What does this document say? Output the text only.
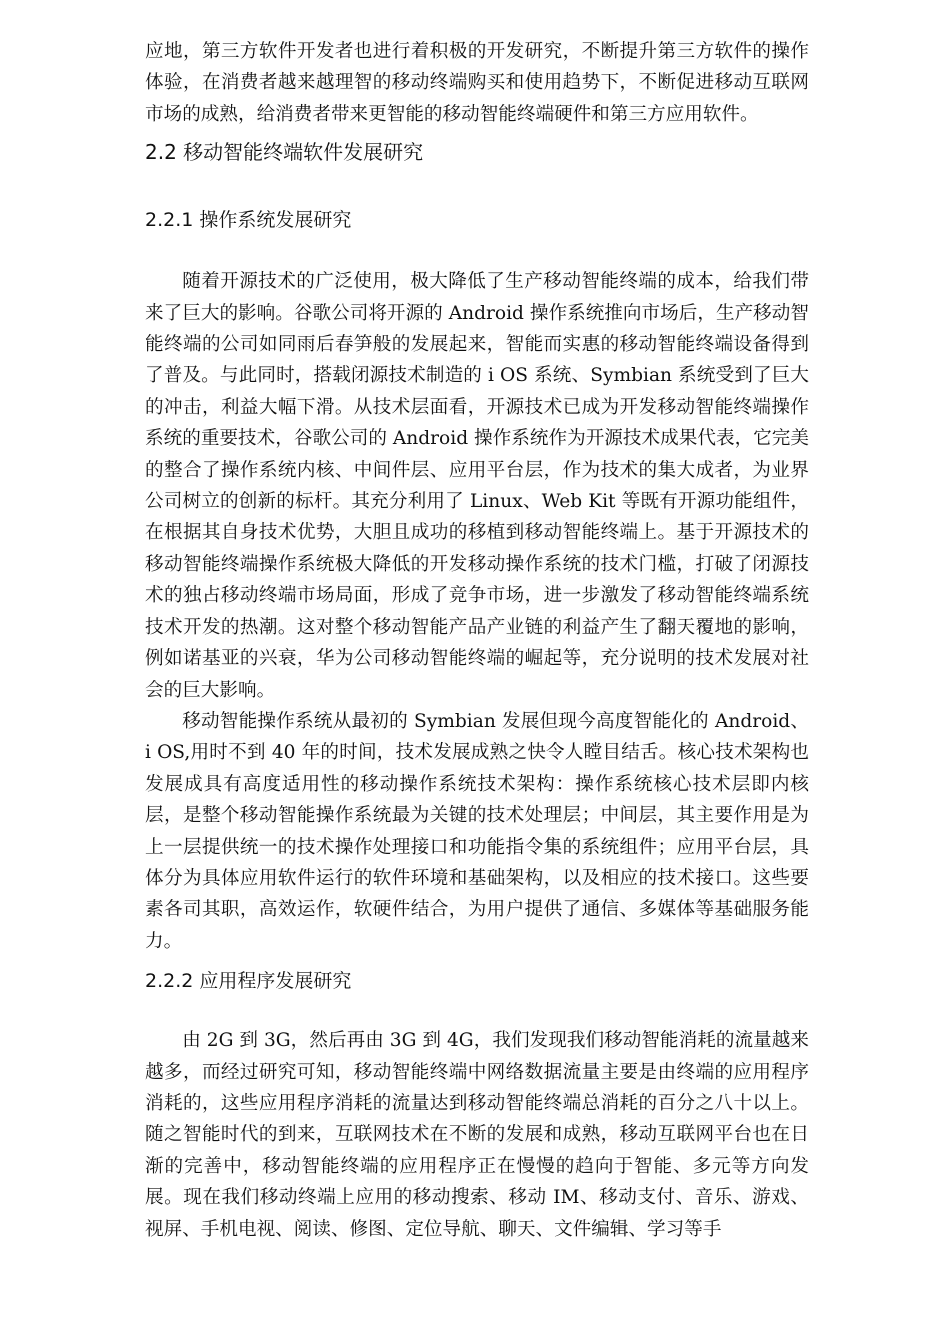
应地，第三方软件开发者也进行着积极的开发研究，不断提升第三方软件的操作体验，在消费者越来越理智的移动终端购买和使用趋势下，不断促进移动互联网市场的成熟，给消费者带来更智能的移动智能终端硬件和第三方应用软件。

2.2 移动智能终端软件发展研究
2.2.1 操作系统发展研究

随着开源技术的广泛使用，极大降低了生产移动智能终端的成本，给我们带来了巨大的影响。谷歌公司将开源的 Android 操作系统推向市场后，生产移动智能终端的公司如同雨后春笋般的发展起来，智能而实惠的移动智能终端设备得到了普及。与此同时，搭载闭源技术制造的 i OS 系统、Symbian 系统受到了巨大的冲击，利益大幅下滑。从技术层面看，开源技术已成为开发移动智能终端操作系统的重要技术，谷歌公司的 Android 操作系统作为开源技术成果代表，它完美的整合了操作系统内核、中间件层、应用平台层，作为技术的集大成者，为业界公司树立的创新的标杆。其充分利用了 Linux、Web Kit 等既有开源功能组件，在根据其自身技术优势，大胆且成功的移植到移动智能终端上。基于开源技术的移动智能终端操作系统极大降低的开发移动操作系统的技术门槛，打破了闭源技术的独占移动终端市场局面，形成了竞争市场，进一步激发了移动智能终端系统技术开发的热潮。这对整个移动智能产品产业链的利益产生了翻天覆地的影响，例如诺基亚的兴衰，华为公司移动智能终端的崛起等，充分说明的技术发展对社会的巨大影响。

移动智能操作系统从最初的 Symbian 发展但现今高度智能化的 Android、i OS,用时不到 40 年的时间，技术发展成熟之快令人瞠目结舌。核心技术架构也发展成具有高度适用性的移动操作系统技术架构：操作系统核心技术层即内核层，是整个移动智能操作系统最为关键的技术处理层；中间层，其主要作用是为上一层提供统一的技术操作处理接口和功能指令集的系统组件；应用平台层，具体分为具体应用软件运行的软件环境和基础架构，以及相应的技术接口。这些要素各司其职，高效运作，软硬件结合，为用户提供了通信、多媒体等基础服务能力。

2.2.2 应用程序发展研究

由 2G 到 3G，然后再由 3G 到 4G，我们发现我们移动智能消耗的流量越来越多，而经过研究可知，移动智能终端中网络数据流量主要是由终端的应用程序消耗的，这些应用程序消耗的流量达到移动智能终端总消耗的百分之八十以上。随之智能时代的到来，互联网技术在不断的发展和成熟，移动互联网平台也在日渐的完善中，移动智能终端的应用程序正在慢慢的趋向于智能、多元等方向发展。现在我们移动终端上应用的移动搜索、移动 IM、移动支付、音乐、游戏、视屏、手机电视、阅读、修图、定位导航、聊天、文件编辑、学习等手
